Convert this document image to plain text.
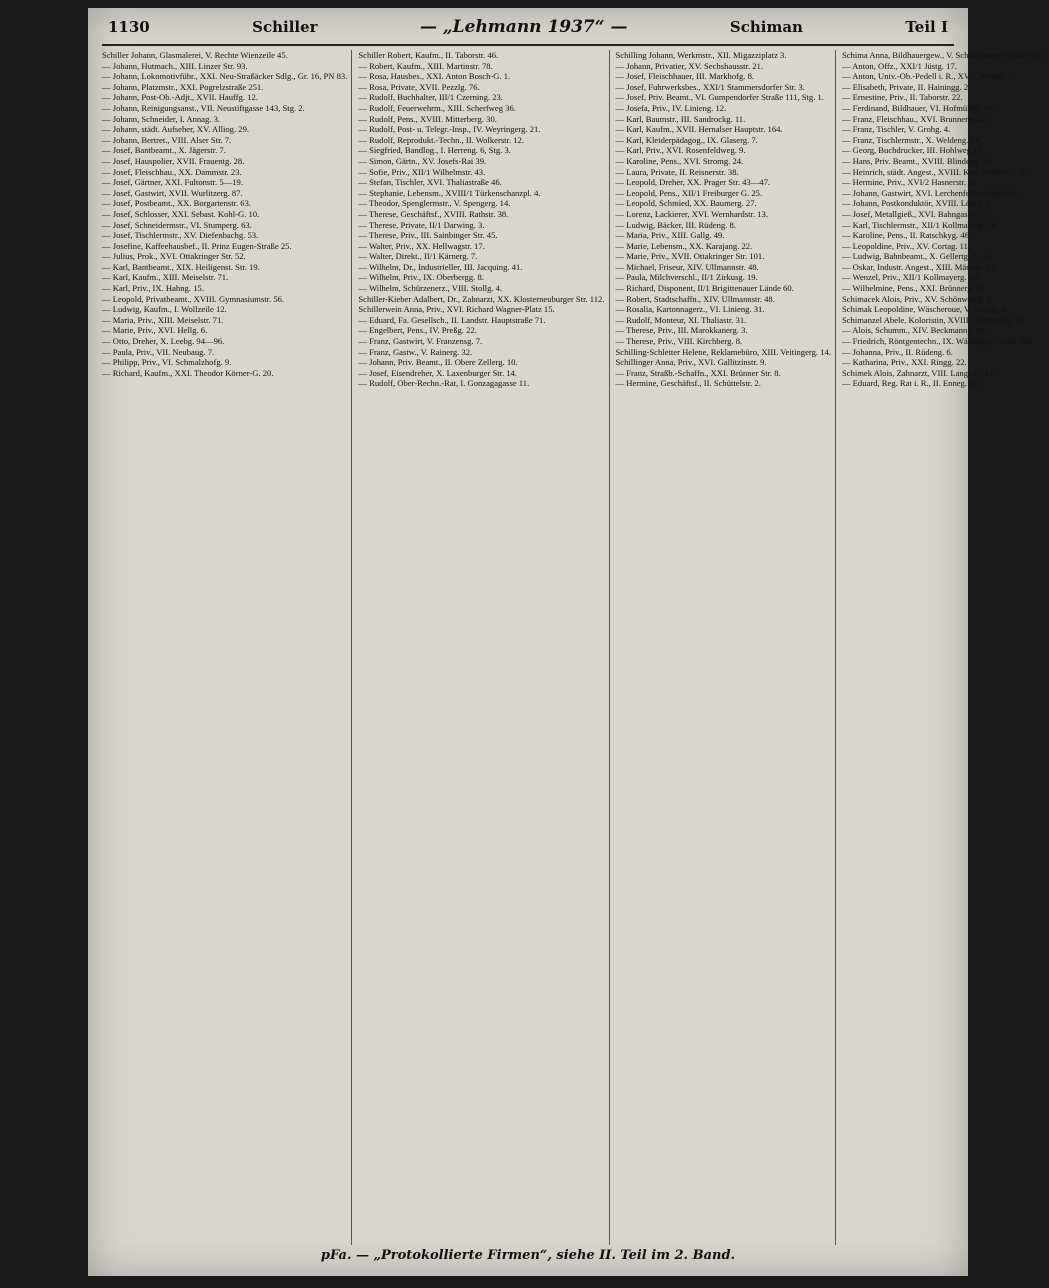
1130	Schiller	— „Lehmann 1937“ —	Schiman	Teil I
Schiller Johann, Glasmalerei, V. Rechte Wienzeile 45.
— Johann, Hutmach., XIII. Linzer Str. 93.
— Johann, Lokomotivführ., XXI. Neu-Straßäcker Sdlg., Gr. 16, PN 83.
— Johann, Platzmstr., XXI. Pogrelzstraße 251.
— Johann, Post-Ob.-Adjt., XVII. Hauffg. 12.
— Johann, Reinigungsanst., VII. Neustiftgasse 143, Stg. 2.
— Johann, Schneider, I. Annag. 3.
— Johann, städt. Aufseher, XV. Alliog. 29.
— Johann, Bertret., VIII. Alser Str. 7.
— Josef, Bantbeamt., X. Jägerstr. 7.
— Josef, Hauspolier, XVII. Frauentg. 28.
— Josef, Fleischhau., XX. Dammstr. 23.
— Josef, Gärtner, XXI. Fultonstr. 5—19.
— Josef, Gastwirt, XVII. Wurlitzerg. 87.
— Josef, Postbeamt., XX. Borgartenstr. 63.
— Josef, Schlosser, XXI. Sebast. Kohl-G. 10.
— Josef, Schneidermstr., VI. Stumperg. 63.
— Josef, Tischlermstr., XV. Diefenbachg. 53.
— Josefine, Kaffeehausbef., II. Prinz Eugen-Straße 25.
— Julius, Prok., XVI. Ottakringer Str. 52.
— Karl, Bantbeamt., XIX. Heiligenst. Str. 19.
— Karl, Kaufm., XIII. Meiselstr. 71.
— Karl, Priv., IX. Hahng. 15.
— Leopold, Privatbeamt., XVIII. Gymnasiumstr. 56.
— Ludwig, Kaufm., I. Wollzeile 12.
— Maria, Priv., XIII. Meiselstr. 71.
— Marie, Priv., XVI. Hellg. 6.
— Otto, Dreher, X. Leebg. 94—96.
— Paula, Priv., VII. Neubaug. 7.
— Philipp, Priv., VI. Schmalzhofg. 9.
— Richard, Kaufm., XXI. Theodor Körner-G. 20.
Schiller Robert, Kaufm., II. Taborstr. 46.
— Robert, Kaufm., XIII. Martinstr. 78.
— Rosa, Hausbes., XXI. Anton Bosch-G. 1.
— Rosa, Private, XVII. Pezzlg. 76.
— Rudolf, Buchhalter, III/1 Czerning. 23.
— Rudolf, Feuerwehrm., XIII. Scherfweg 36.
— Rudolf, Pens., XVIII. Mitterberg. 30.
— Rudolf, Post- u. Telegr.-Insp., IV. Weyringerg. 21.
— Rudolf, Reprodukt.-Techn., II. Wolkerstr. 12.
— Siegfried, Bandlog., I. Herreng. 6, Stg. 3.
— Simon, Gärtn., XV. Josefs-Rai 39.
— Sofie, Priv., XII/1 Wilhelmstr. 43.
— Stefan, Tischler, XVI. Thaliastraße 46.
— Stephanie, Lebensm., XVIII/1 Türkenschanzpl. 4.
— Theodor, Spenglermstr., V. Spengerg. 14.
— Therese, Geschäftsf., XVIII. Rathstr. 38.
— Therese, Private, II/1 Darwing. 3.
— Therese, Priv., III. Sainbinger Str. 45.
— Walter, Priv., XX. Hellwagstr. 17.
— Walter, Direkt., II/1 Kärnerg. 7.
— Wilhelm, Dr., Industrieller, III. Jacquing. 41.
— Wilhelm, Priv., IX. Oberbergg. 8.
— Wilhelm, Schürzenerz., VIII. Stollg. 4.
Schiller-Kieber Adalbert, Dr., Zahnarzt, XX. Klosterneuburger Str. 112.
Schillerwein Anna, Priv., XVI. Richard Wagner-Platz 15.
— Eduard, Fa. Gesellsch., II. Landstr. Hauptstraße 71.
— Engelbert, Pens., IV. Preßg. 22.
— Franz, Gastwirt, V. Franzensg. 7.
— Franz, Gastw., V. Rainerg. 32.
— Johann, Priv. Beamt., II. Obere Zellerg. 10.
— Josef, Eisendreher, X. Laxenburger Str. 14.
— Rudolf, Ober-Rechn.-Rat, I. Gonzagagasse 11.
Schilling Johann, Werkmstr., XII. Migazziplatz 3.
— Johann, Privatier, XV. Sechshausstr. 21.
— Josef, Fleischhauer, III. Markhofg. 8.
— Josef, Fuhrwerksbes., XXI/1 Stammersdorfer Str. 3.
— Josef, Priv. Beamt., VI. Gumpendorfer Straße 111, Stg. 1.
— Josefa, Priv., IV. Linieng. 12.
— Karl, Baumstr., III. Sandrockg. 11.
— Karl, Kaufm., XVII. Hernalser Hauptstr. 164.
— Karl, Kleiderpädagog., IX. Glaserg. 7.
— Karl, Priv., XVI. Rosenfeldweg. 9.
— Karoline, Pens., XVI. Stromg. 24.
— Laura, Private, II. Reisnerstr. 38.
— Leopold, Dreher, XX. Prager Str. 43—47.
— Leopold, Pens., XII/1 Freiburger G. 25.
— Leopold, Schmied, XX. Baumerg. 27.
— Lorenz, Lackierer, XVI. Wernhardstr. 13.
— Ludwig, Bäcker, III. Rüdeng. 8.
— Maria, Priv., XIII. Gallg. 49.
— Marie, Lebensm., XX. Karajang. 22.
— Marie, Priv., XVII. Ottakringer Str. 101.
— Michael, Friseur, XIV. Ullmannstr. 48.
— Paula, Milchverschl., II/1 Zirkusg. 19.
— Richard, Disponent, II/1 Brigittenauer Lände 60.
— Robert, Stadtschaffn., XIV. Ullmannstr. 48.
— Rosalia, Kartonnagerz., VI. Linieng. 31.
— Rudolf, Monteur, XI. Thaliastr. 31.
— Therese, Priv., III. Marokkanerg. 3.
— Therese, Priv., VIII. Kirchberg. 8.
Schilling-Schletter Helene, Reklamebüro, XIII. Veitingerg. 14.
Schillinger Anna, Priv., XVI. Gallitzinstr. 9.
— Franz, Straßb.-Schaffn., XXI. Brünner Str. 8.
— Hermine, Geschäftsf., II. Schüttelstr. 2.
Schima Anna, Bildhauergew., V. Schönbrunner Straße 112.
— Anton, Offz., XXI/1 Jüstg. 17.
— Anton, Univ.-Ob.-Pedell i. R., XVII. Pezzlg. 22.
— Elisabeth, Private, II. Hainingg. 2.
— Ernestine, Priv., II. Taborstr. 22.
— Ferdinand, Bildhauer, VI. Hofmühlg. 7A.
— Franz, Fleischhau., XVI. Brunneng. 44.
— Franz, Tischler, V. Grohg. 4.
— Franz, Tischlermstr., X. Weldeng. 2A.
— Georg, Buchdrucker, III. Hohlweg 15.
— Hans, Priv. Beamt., XVIII. Blindeng. 36.
— Heinrich, städt. Angest., XVIII. Karl Walther-G. 6.
— Hermine, Priv., XVI/2 Hasnerstr. 81.
— Johann, Gastwirt, XVI. Lerchenfelder Gürtel 16.
— Johann, Postkonduktör, XVIII. Löhrg. 7.
— Josef, Metallgieß., XVI. Bahngasse 72.
— Karl, Tischlermstr., XII/1 Kollmayerg. 18.
— Karoline, Pens., II. Ratschkyg. 46.
— Leopoldine, Priv., XV. Cortag. 11.
— Ludwig, Bahnbeamt., X. Gellertg. 7—9.
— Oskar, Industr. Angest., XIII. Märzstr. 142.
— Wenzel, Priv., XII/1 Kollmayerg. 18.
— Wilhelmine, Pens., XXI. Brünnerg. 47.
Schimacek Alois, Priv., XV. Schönwaldg. 9.
Schimak Leopoldine, Wäscheroue, V. Storkg. 8.
Schimanzel Abele, Koloristin, XVIII. Theresieng. 36.
— Alois, Schumm., XIV. Beckmanng. 60.
— Friedrich, Röntgentechn., IX. Währinger Gürtel 160.
— Johanna, Priv., II. Rüdeng. 6.
— Katharina, Priv., XXI. Ringg. 22.
Schimek Alois, Zahnarzt, VIII. Lange G. 13.
— Eduard, Reg. Rat i. R., II. Enneg. 18.
pFa. — „Protokollierte Firmen“, siehe II. Teil im 2. Band.
